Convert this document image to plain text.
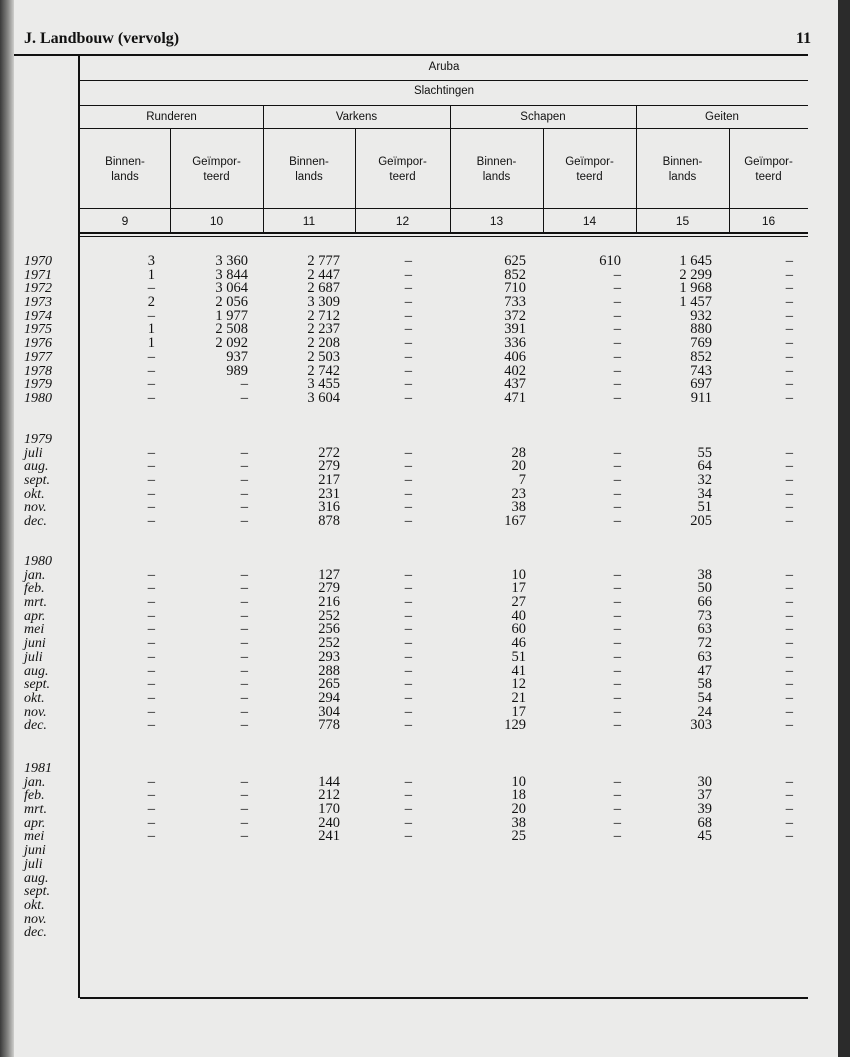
J. Landbouw (vervolg)	11
Aruba
Slachtingen
Runderen	Varkens	Schapen	Geiten
Binnen-
lands
Geïmpor-
teerd
Binnen-
lands
Geïmpor-
teerd
Binnen-
lands
Geïmpor-
teerd
Binnen-
lands
Geïmpor-
teerd
9	10	11	12	13	14	15	16
1970	3	3 360	2 777	–	625	610	1 645	–
1971	1	3 844	2 447	–	852	–	2 299	–
1972	–	3 064	2 687	–	710	–	1 968	–
1973	2	2 056	3 309	–	733	–	1 457	–
1974	–	1 977	2 712	–	372	–	932	–
1975	1	2 508	2 237	–	391	–	880	–
1976	1	2 092	2 208	–	336	–	769	–
1977	–	937	2 503	–	406	–	852	–
1978	–	989	2 742	–	402	–	743	–
1979	–	–	3 455	–	437	–	697	–
1980	–	–	3 604	–	471	–	911	–
1979
juli	–	–	272	–	28	–	55	–
aug.	–	–	279	–	20	–	64	–
sept.	–	–	217	–	7	–	32	–
okt.	–	–	231	–	23	–	34	–
nov.	–	–	316	–	38	–	51	–
dec.	–	–	878	–	167	–	205	–
1980
jan.	–	–	127	–	10	–	38	–
feb.	–	–	279	–	17	–	50	–
mrt.	–	–	216	–	27	–	66	–
apr.	–	–	252	–	40	–	73	–
mei	–	–	256	–	60	–	63	–
juni	–	–	252	–	46	–	72	–
juli	–	–	293	–	51	–	63	–
aug.	–	–	288	–	41	–	47	–
sept.	–	–	265	–	12	–	58	–
okt.	–	–	294	–	21	–	54	–
nov.	–	–	304	–	17	–	24	–
dec.	–	–	778	–	129	–	303	–
1981
jan.	–	–	144	–	10	–	30	–
feb.	–	–	212	–	18	–	37	–
mrt.	–	–	170	–	20	–	39	–
apr.	–	–	240	–	38	–	68	–
mei	–	–	241	–	25	–	45	–
juni
juli
aug.
sept.
okt.
nov.
dec.
